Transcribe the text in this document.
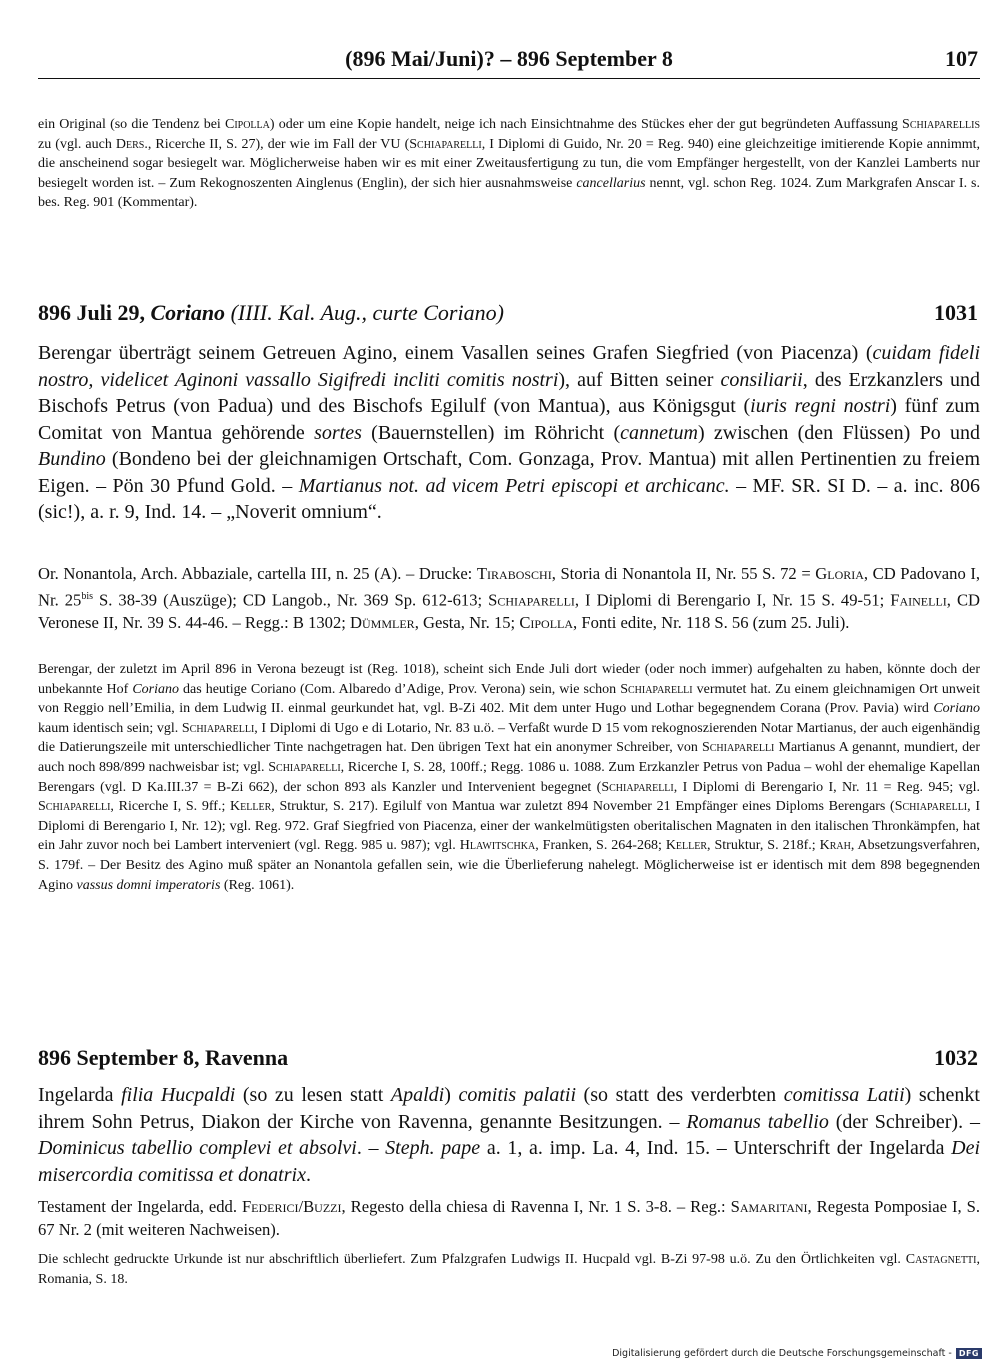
(896 Mai/Juni)? – 896 September 8	107
ein Original (so die Tendenz bei Cipolla) oder um eine Kopie handelt, neige ich nach Einsichtnahme des Stückes eher der gut begründeten Auffassung Schiaparellis zu (vgl. auch Ders., Ricerche II, S. 27), der wie im Fall der VU (Schiaparelli, I Diplomi di Guido, Nr. 20 = Reg. 940) eine gleichzeitige imitierende Kopie annimmt, die anscheinend sogar besiegelt war. Möglicherweise haben wir es mit einer Zweitausfertigung zu tun, die vom Empfänger hergestellt, von der Kanzlei Lamberts nur besiegelt worden ist. – Zum Rekognoszenten Ainglenus (Englin), der sich hier ausnahmsweise cancellarius nennt, vgl. schon Reg. 1024. Zum Markgrafen Anscar I. s. bes. Reg. 901 (Kommentar).
896 Juli 29, Coriano (IIII. Kal. Aug., curte Coriano)	1031
Berengar überträgt seinem Getreuen Agino, einem Vasallen seines Grafen Siegfried (von Piacenza) (cuidam fideli nostro, videlicet Aginoni vassallo Sigifredi incliti comitis nostri), auf Bitten seiner consiliarii, des Erzkanzlers und Bischofs Petrus (von Padua) und des Bischofs Egilulf (von Mantua), aus Königsgut (iuris regni nostri) fünf zum Comitat von Mantua gehörende sortes (Bauernstellen) im Röhricht (cannetum) zwischen (den Flüssen) Po und Bundino (Bondeno bei der gleichnamigen Ortschaft, Com. Gonzaga, Prov. Mantua) mit allen Pertinentien zu freiem Eigen. – Pön 30 Pfund Gold. – Martianus not. ad vicem Petri episcopi et archicanc. – MF. SR. SI D. – a. inc. 806 (sic!), a. r. 9, Ind. 14. – „Noverit omnium“.
Or. Nonantola, Arch. Abbaziale, cartella III, n. 25 (A). – Drucke: Tiraboschi, Storia di Nonantola II, Nr. 55 S. 72 = Gloria, CD Padovano I, Nr. $25^{bis}$ S. 38-39 (Auszüge); CD Langob., Nr. 369 Sp. 612-613; Schiaparelli, I Diplomi di Berengario I, Nr. 15 S. 49-51; Fainelli, CD Veronese II, Nr. 39 S. 44-46. – Regg.: B 1302; Dümmler, Gesta, Nr. 15; Cipolla, Fonti edite, Nr. 118 S. 56 (zum 25. Juli).
Berengar, der zuletzt im April 896 in Verona bezeugt ist (Reg. 1018), scheint sich Ende Juli dort wieder (oder noch immer) aufgehalten zu haben, könnte doch der unbekannte Hof Coriano das heutige Coriano (Com. Albaredo d’Adige, Prov. Verona) sein, wie schon Schiaparelli vermutet hat. Zu einem gleichnamigen Ort unweit von Reggio nell’Emilia, in dem Ludwig II. einmal geurkundet hat, vgl. B-Zi 402. Mit dem unter Hugo und Lothar begegnendem Corana (Prov. Pavia) wird Coriano kaum identisch sein; vgl. Schiaparelli, I Diplomi di Ugo e di Lotario, Nr. 83 u.ö. – Verfaßt wurde D 15 vom rekognoszierenden Notar Martianus, der auch eigenhändig die Datierungszeile mit unterschiedlicher Tinte nachgetragen hat. Den übrigen Text hat ein anonymer Schreiber, von Schiaparelli Martianus A genannt, mundiert, der auch noch 898/899 nachweisbar ist; vgl. Schiaparelli, Ricerche I, S. 28, 100ff.; Regg. 1086 u. 1088. Zum Erzkanzler Petrus von Padua – wohl der ehemalige Kapellan Berengars (vgl. D Ka.III.37 = B-Zi 662), der schon 893 als Kanzler und Intervenient begegnet (Schiaparelli, I Diplomi di Berengario I, Nr. 11 = Reg. 945; vgl. Schiaparelli, Ricerche I, S. 9ff.; Keller, Struktur, S. 217). Egilulf von Mantua war zuletzt 894 November 21 Empfänger eines Diploms Berengars (Schiaparelli, I Diplomi di Berengario I, Nr. 12); vgl. Reg. 972. Graf Siegfried von Piacenza, einer der wankelmütigsten oberitalischen Magnaten in den italischen Thronkämpfen, hat ein Jahr zuvor noch bei Lambert interveniert (vgl. Regg. 985 u. 987); vgl. Hlawitschka, Franken, S. 264-268; Keller, Struktur, S. 218f.; Krah, Absetzungsverfahren, S. 179f. – Der Besitz des Agino muß später an Nonantola gefallen sein, wie die Überlieferung nahelegt. Möglicherweise ist er identisch mit dem 898 begegnenden Agino vassus domni imperatoris (Reg. 1061).
896 September 8, Ravenna	1032
Ingelarda filia Hucpaldi (so zu lesen statt Apaldi) comitis palatii (so statt des verderbten comitissa Latii) schenkt ihrem Sohn Petrus, Diakon der Kirche von Ravenna, genannte Besitzungen. – Romanus tabellio (der Schreiber). – Dominicus tabellio complevi et absolvi. – Steph. pape a. 1, a. imp. La. 4, Ind. 15. – Unterschrift der Ingelarda Dei misercordia comitissa et donatrix.
Testament der Ingelarda, edd. Federici/Buzzi, Regesto della chiesa di Ravenna I, Nr. 1 S. 3-8. – Reg.: Samaritani, Regesta Pomposiae I, S. 67 Nr. 2 (mit weiteren Nachweisen).
Die schlecht gedruckte Urkunde ist nur abschriftlich überliefert. Zum Pfalzgrafen Ludwigs II. Hucpald vgl. B-Zi 97-98 u.ö. Zu den Örtlichkeiten vgl. Castagnetti, Romania, S. 18.
Digitalisierung gefördert durch die Deutsche Forschungsgemeinschaft - DFG
